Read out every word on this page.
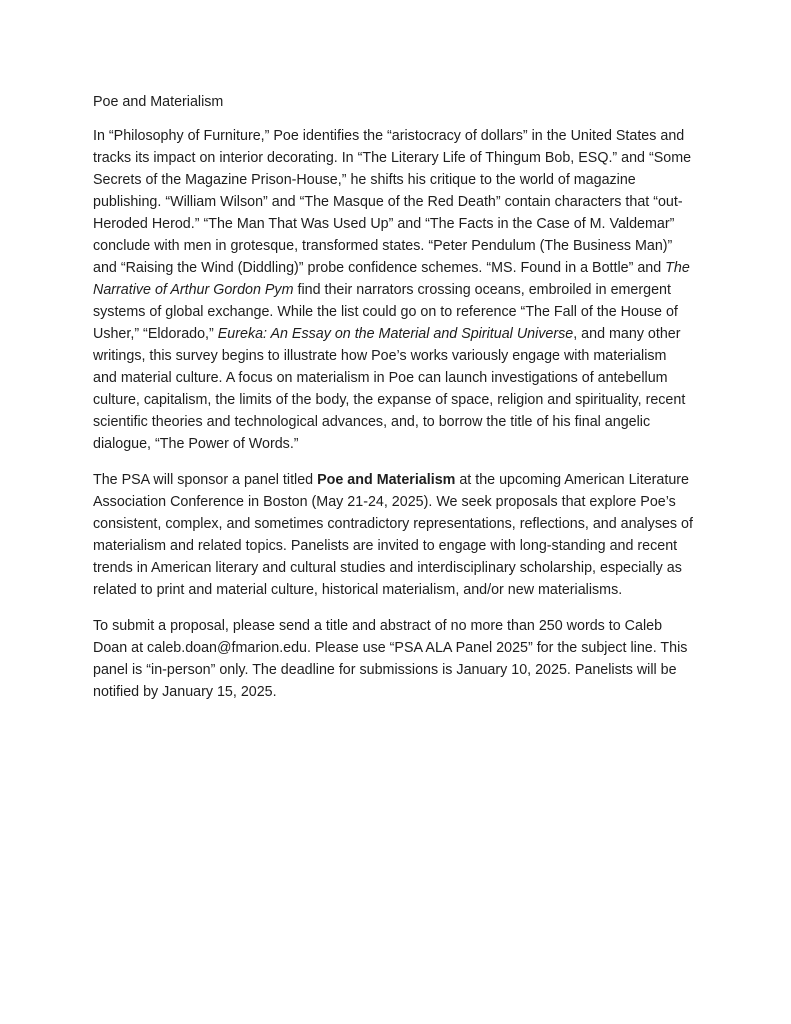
Poe and Materialism

In “Philosophy of Furniture,” Poe identifies the “aristocracy of dollars” in the United States and tracks its impact on interior decorating. In “The Literary Life of Thingum Bob, ESQ.” and “Some Secrets of the Magazine Prison-House,” he shifts his critique to the world of magazine publishing. “William Wilson” and “The Masque of the Red Death” contain characters that “out-Heroded Herod.” “The Man That Was Used Up” and “The Facts in the Case of M. Valdemar” conclude with men in grotesque, transformed states. “Peter Pendulum (The Business Man)” and “Raising the Wind (Diddling)” probe confidence schemes. “MS. Found in a Bottle” and The Narrative of Arthur Gordon Pym find their narrators crossing oceans, embroiled in emergent systems of global exchange. While the list could go on to reference “The Fall of the House of Usher,” “Eldorado,” Eureka: An Essay on the Material and Spiritual Universe, and many other writings, this survey begins to illustrate how Poe’s works variously engage with materialism and material culture. A focus on materialism in Poe can launch investigations of antebellum culture, capitalism, the limits of the body, the expanse of space, religion and spirituality, recent scientific theories and technological advances, and, to borrow the title of his final angelic dialogue, “The Power of Words.”

The PSA will sponsor a panel titled Poe and Materialism at the upcoming American Literature Association Conference in Boston (May 21-24, 2025). We seek proposals that explore Poe’s consistent, complex, and sometimes contradictory representations, reflections, and analyses of materialism and related topics. Panelists are invited to engage with long-standing and recent trends in American literary and cultural studies and interdisciplinary scholarship, especially as related to print and material culture, historical materialism, and/or new materialisms.

To submit a proposal, please send a title and abstract of no more than 250 words to Caleb Doan at caleb.doan@fmarion.edu. Please use “PSA ALA Panel 2025” for the subject line. This panel is “in-person” only. The deadline for submissions is January 10, 2025. Panelists will be notified by January 15, 2025.
